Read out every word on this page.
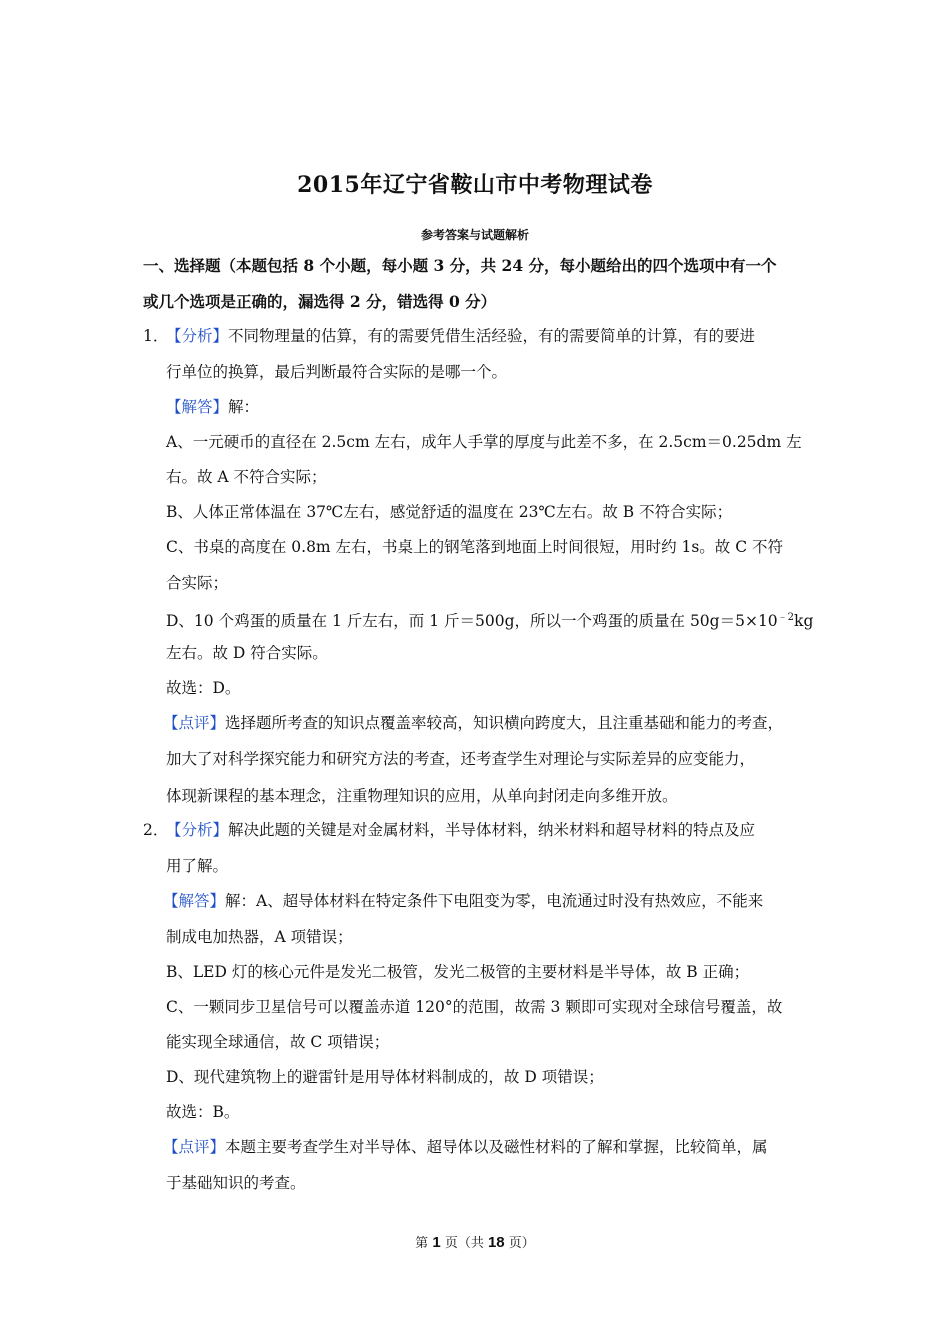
2015年辽宁省鞍山市中考物理试卷
参考答案与试题解析
一、选择题（本题包括 8 个小题，每小题 3 分，共 24 分，每小题给出的四个选项中有一个
或几个选项是正确的，漏选得 2 分，错选得 0 分）
1．
【分析】不同物理量的估算，有的需要凭借生活经验，有的需要简单的计算，有的要进
行单位的换算，最后判断最符合实际的是哪一个。
【解答】解：
A、一元硬币的直径在 2.5cm 左右，成年人手掌的厚度与此差不多，在 2.5cm＝0.25dm 左
右。故 A 不符合实际；
B、人体正常体温在 37℃左右，感觉舒适的温度在 23℃左右。故 B 不符合实际；
C、书桌的高度在 0.8m 左右，书桌上的钢笔落到地面上时间很短，用时约 1s。故 C 不符
合实际；
D、10 个鸡蛋的质量在 1 斤左右，而 1 斤＝500g，所以一个鸡蛋的质量在 $50g=5\times 10^{﹣2}kg$
左右。故 D 符合实际。
故选：D。
【点评】选择题所考查的知识点覆盖率较高，知识横向跨度大，且注重基础和能力的考查，
加大了对科学探究能力和研究方法的考查，还考查学生对理论与实际差异的应变能力，
体现新课程的基本理念，注重物理知识的应用，从单向封闭走向多维开放。
2．
【分析】解决此题的关键是对金属材料，半导体材料，纳米材料和超导材料的特点及应
用了解。
【解答】解：A、超导体材料在特定条件下电阻变为零，电流通过时没有热效应，不能来
制成电加热器，A 项错误；
B、LED 灯的核心元件是发光二极管，发光二极管的主要材料是半导体，故 B 正确；
C、一颗同步卫星信号可以覆盖赤道 120°的范围，故需 3 颗即可实现对全球信号覆盖，故
能实现全球通信，故 C 项错误；
D、现代建筑物上的避雷针是用导体材料制成的，故 D 项错误；
故选：B。
【点评】本题主要考查学生对半导体、超导体以及磁性材料的了解和掌握，比较简单，属
于基础知识的考查。
第 1 页（共 18 页）
